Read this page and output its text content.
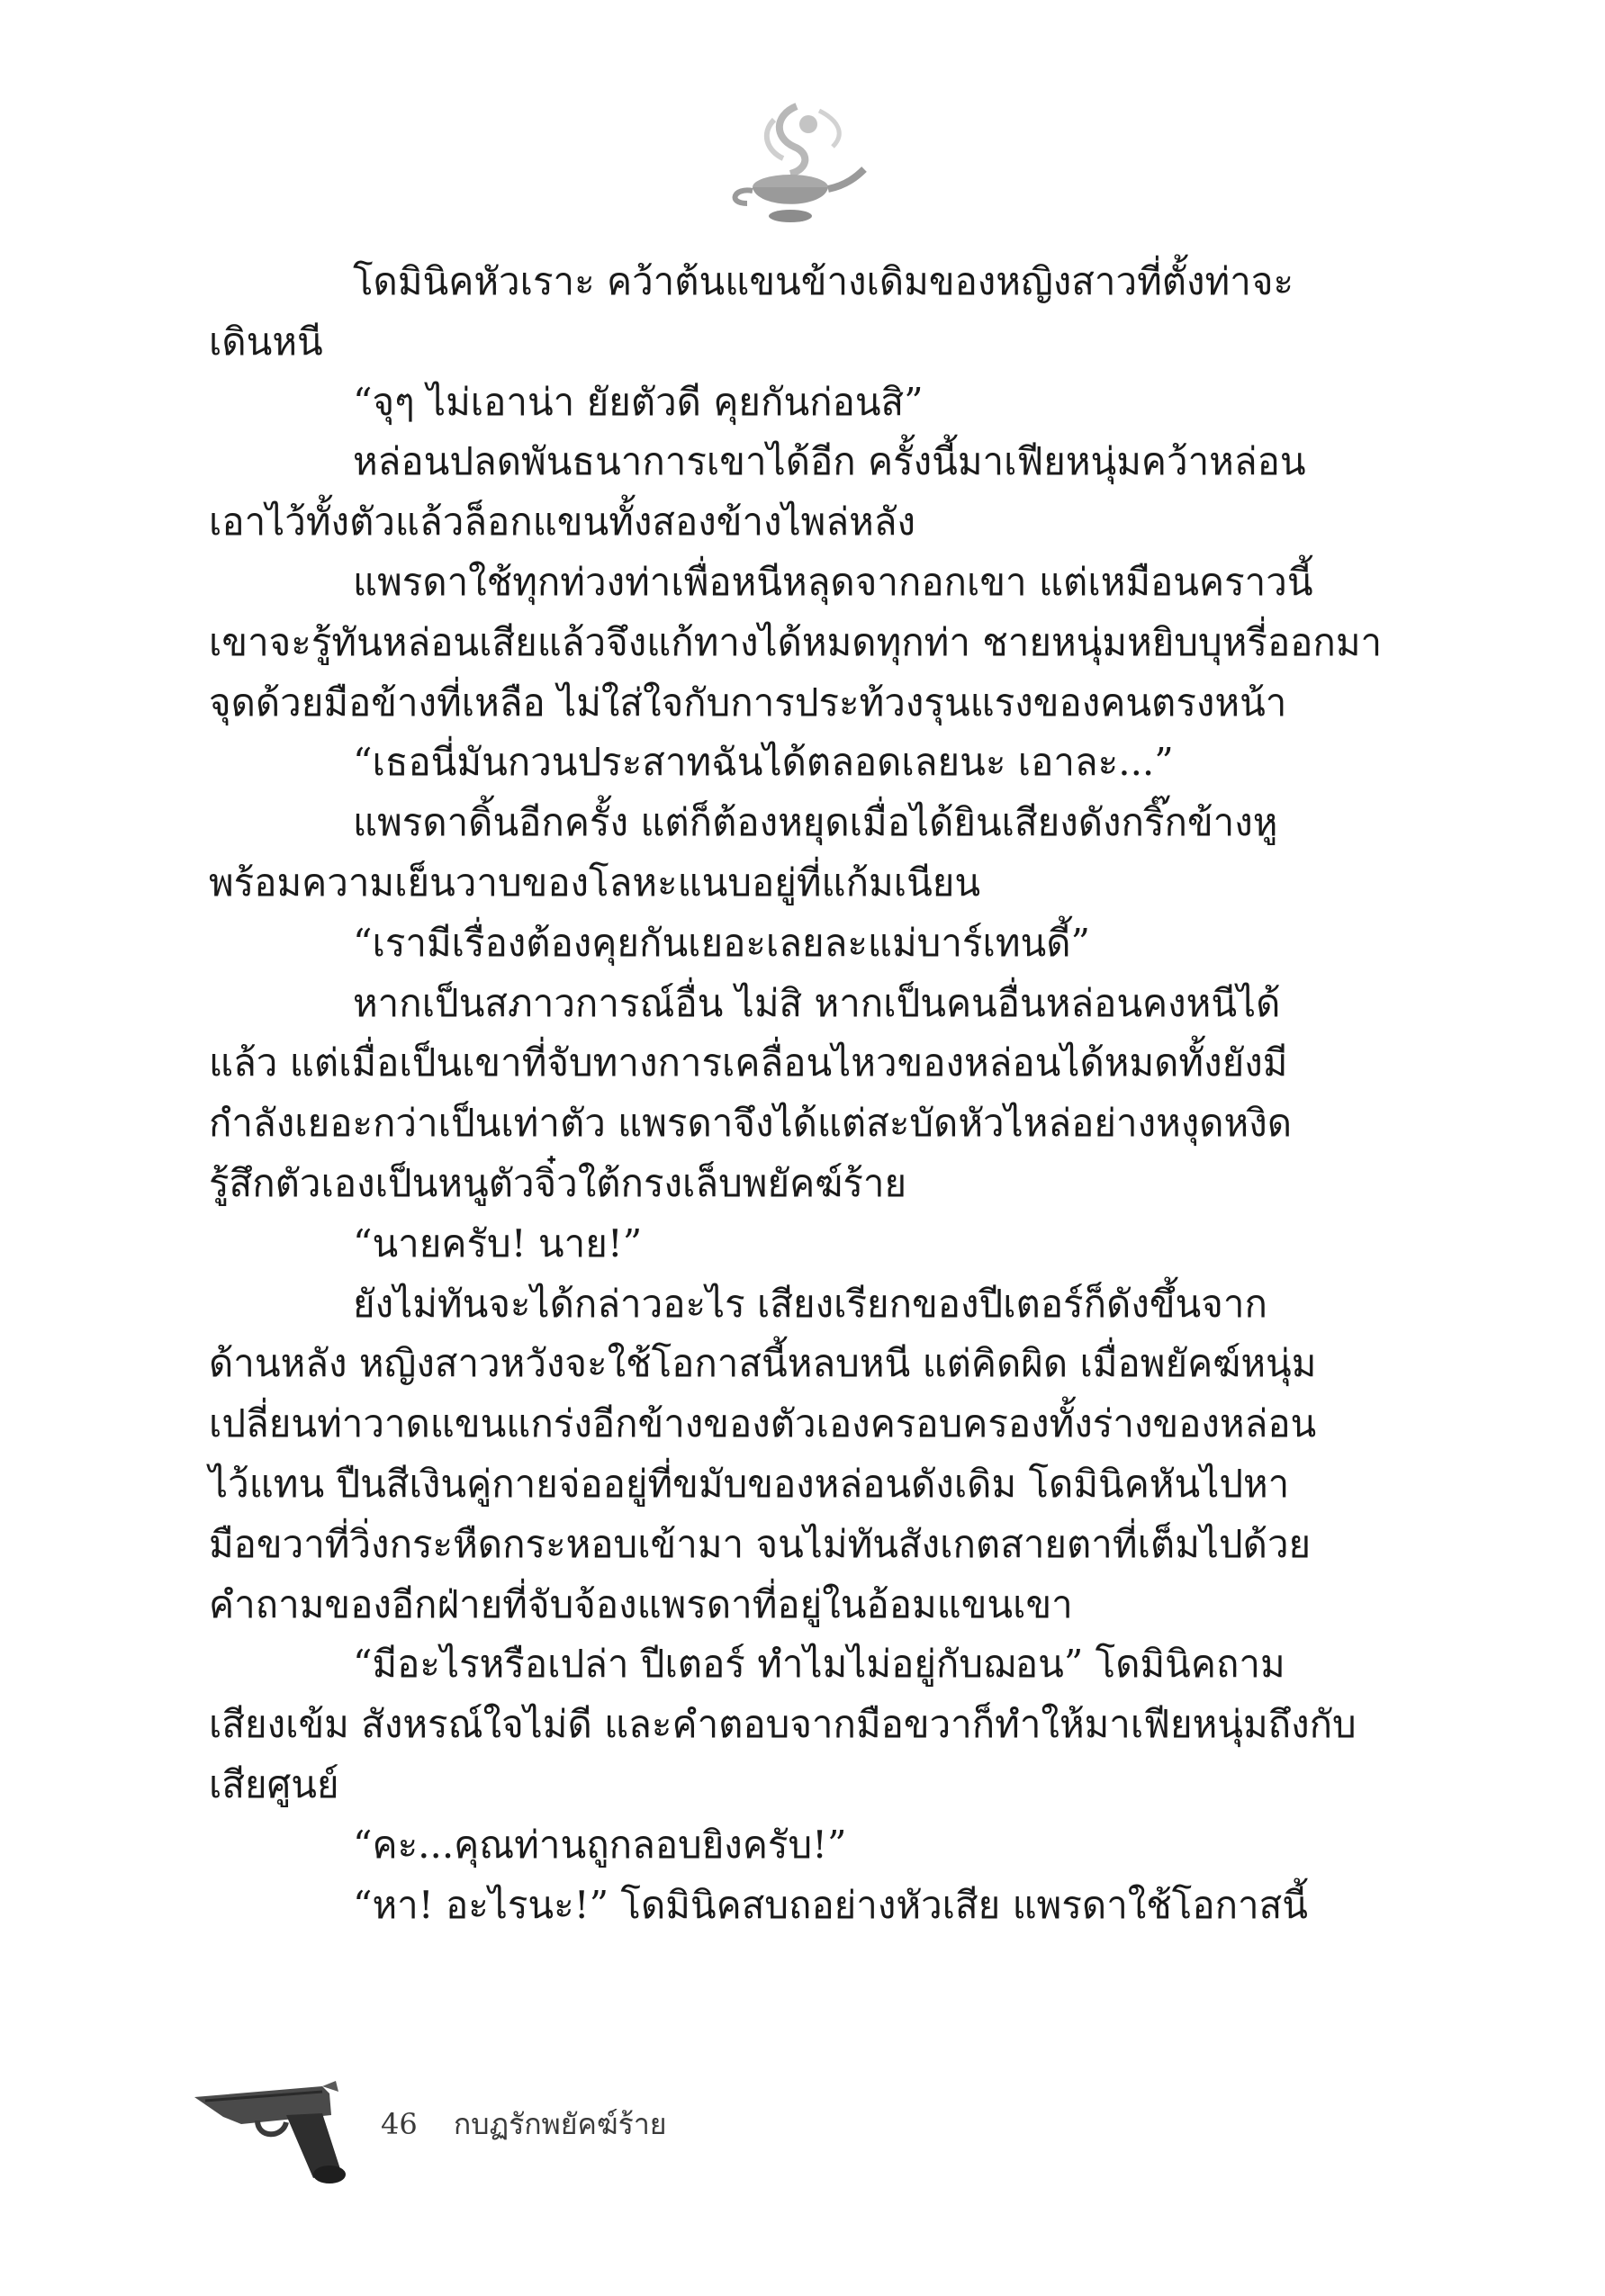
โดมินิคหัวเราะ คว้าต้นแขนข้างเดิมของหญิงสาวที่ตั้งท่าจะ
เดินหนี
“จุๆ ไม่เอาน่า ยัยตัวดี คุยกันก่อนสิ”
หล่อนปลดพันธนาการเขาได้อีก ครั้งนี้มาเฟียหนุ่มคว้าหล่อน
เอาไว้ทั้งตัวแล้วล็อกแขนทั้งสองข้างไพล่หลัง
แพรดาใช้ทุกท่วงท่าเพื่อหนีหลุดจากอกเขา แต่เหมือนคราวนี้
เขาจะรู้ทันหล่อนเสียแล้วจึงแก้ทางได้หมดทุกท่า ชายหนุ่มหยิบบุหรี่ออกมา
จุดด้วยมือข้างที่เหลือ ไม่ใส่ใจกับการประท้วงรุนแรงของคนตรงหน้า
“เธอนี่มันกวนประสาทฉันได้ตลอดเลยนะ เอาละ...”
แพรดาดิ้นอีกครั้ง แต่ก็ต้องหยุดเมื่อได้ยินเสียงดังกริ๊กข้างหู
พร้อมความเย็นวาบของโลหะแนบอยู่ที่แก้มเนียน
“เรามีเรื่องต้องคุยกันเยอะเลยละแม่บาร์เทนดี้”
หากเป็นสภาวการณ์อื่น ไม่สิ หากเป็นคนอื่นหล่อนคงหนีได้
แล้ว แต่เมื่อเป็นเขาที่จับทางการเคลื่อนไหวของหล่อนได้หมดทั้งยังมี
กำลังเยอะกว่าเป็นเท่าตัว แพรดาจึงได้แต่สะบัดหัวไหล่อย่างหงุดหงิด
รู้สึกตัวเองเป็นหนูตัวจิ๋วใต้กรงเล็บพยัคฆ์ร้าย
“นายครับ! นาย!”
ยังไม่ทันจะได้กล่าวอะไร เสียงเรียกของปีเตอร์ก็ดังขึ้นจาก
ด้านหลัง หญิงสาวหวังจะใช้โอกาสนี้หลบหนี แต่คิดผิด เมื่อพยัคฆ์หนุ่ม
เปลี่ยนท่าวาดแขนแกร่งอีกข้างของตัวเองครอบครองทั้งร่างของหล่อน
ไว้แทน ปืนสีเงินคู่กายจ่ออยู่ที่ขมับของหล่อนดังเดิม โดมินิคหันไปหา
มือขวาที่วิ่งกระหืดกระหอบเข้ามา จนไม่ทันสังเกตสายตาที่เต็มไปด้วย
คำถามของอีกฝ่ายที่จับจ้องแพรดาที่อยู่ในอ้อมแขนเขา
“มีอะไรหรือเปล่า ปีเตอร์ ทำไมไม่อยู่กับฌอน” โดมินิคถาม
เสียงเข้ม สังหรณ์ใจไม่ดี และคำตอบจากมือขวาก็ทำให้มาเฟียหนุ่มถึงกับ
เสียศูนย์
“คะ...คุณท่านถูกลอบยิงครับ!”
“หา! อะไรนะ!” โดมินิคสบถอย่างหัวเสีย แพรดาใช้โอกาสนี้
46 กบฏรักพยัคฆ์ร้าย
